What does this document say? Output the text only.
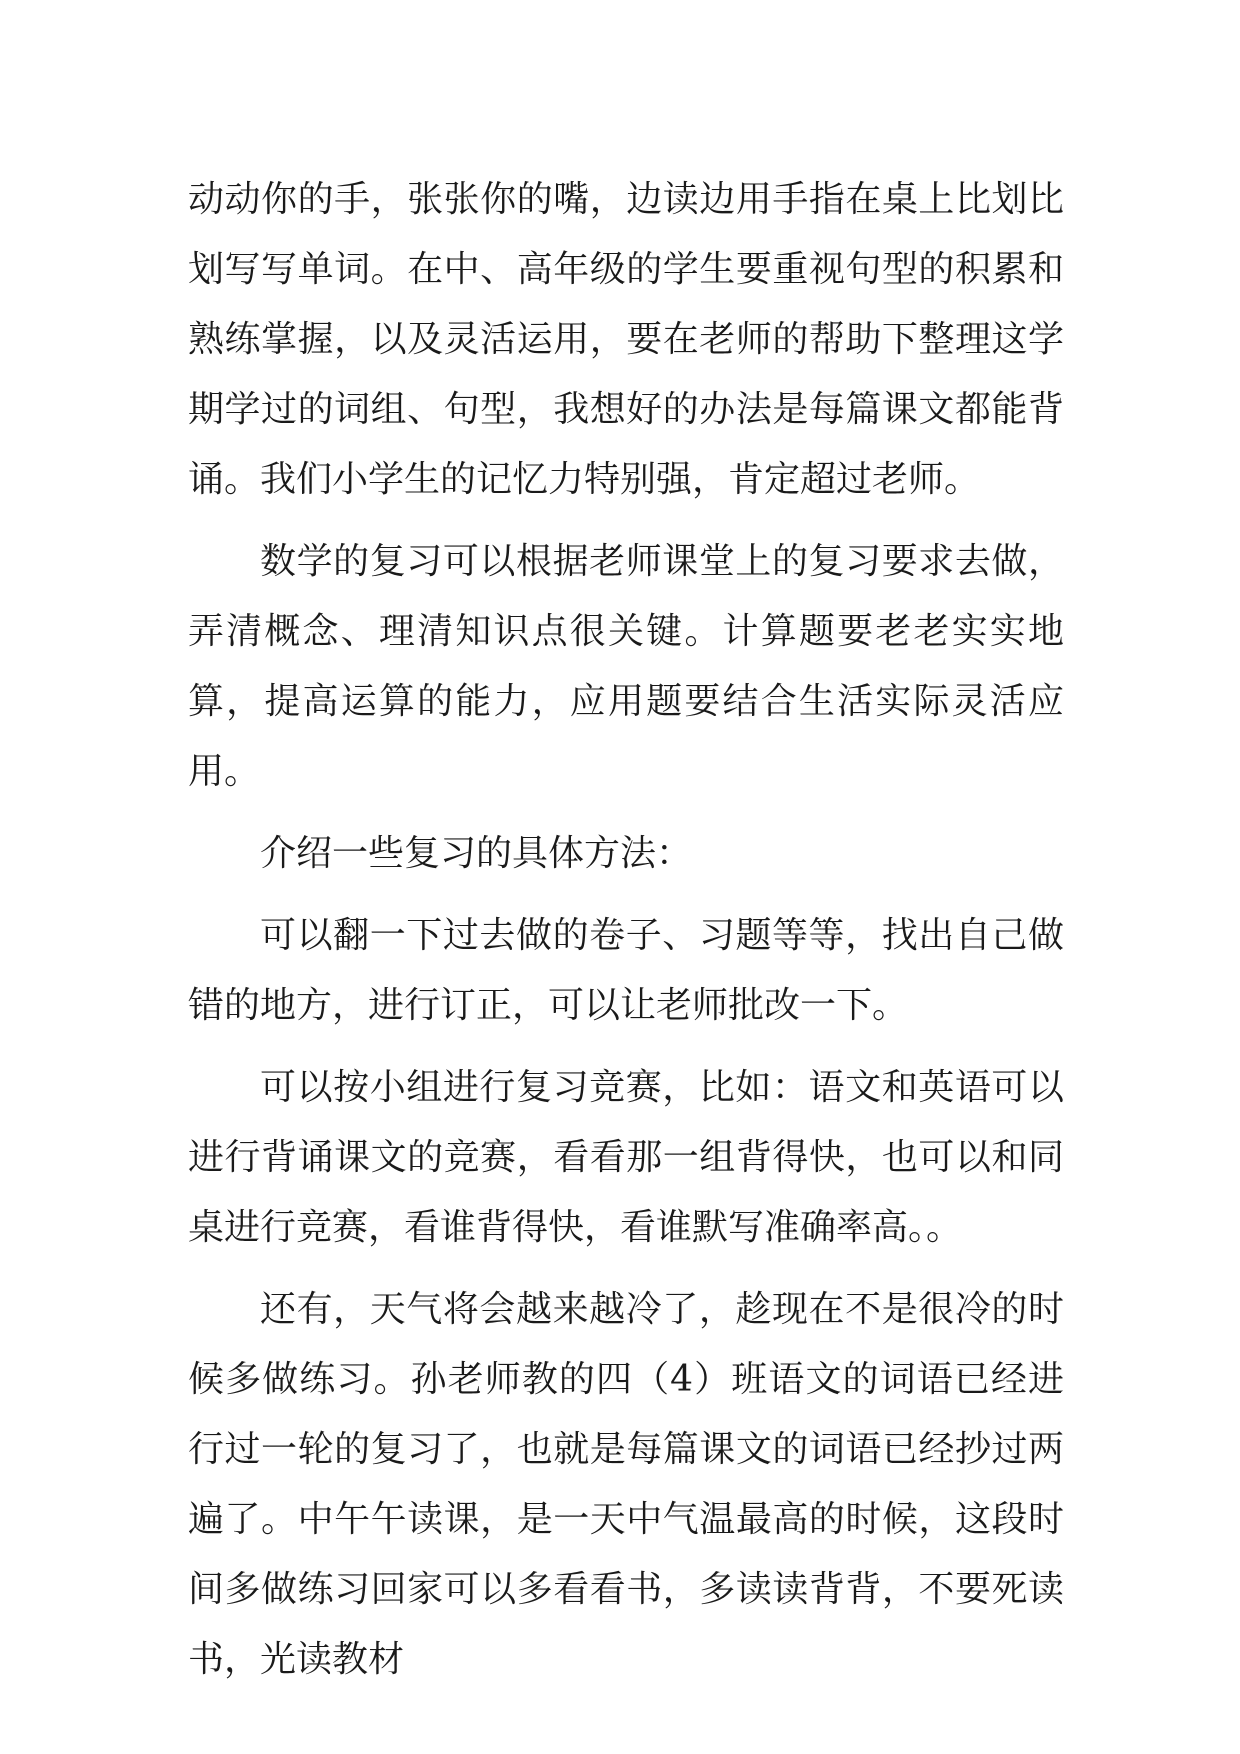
动动你的手，张张你的嘴，边读边用手指在桌上比划比划写写单词。在中、高年级的学生要重视句型的积累和熟练掌握，以及灵活运用，要在老师的帮助下整理这学期学过的词组、句型，我想好的办法是每篇课文都能背诵。我们小学生的记忆力特别强，肯定超过老师。

数学的复习可以根据老师课堂上的复习要求去做，弄清概念、理清知识点很关键。计算题要老老实实地算，提高运算的能力，应用题要结合生活实际灵活应用。

介绍一些复习的具体方法：

可以翻一下过去做的卷子、习题等等，找出自己做错的地方，进行订正，可以让老师批改一下。

可以按小组进行复习竞赛，比如：语文和英语可以进行背诵课文的竞赛，看看那一组背得快，也可以和同桌进行竞赛，看谁背得快，看谁默写准确率高。。

还有，天气将会越来越冷了，趁现在不是很冷的时候多做练习。孙老师教的四（4）班语文的词语已经进行过一轮的复习了，也就是每篇课文的词语已经抄过两遍了。中午午读课，是一天中气温最高的时候，这段时间多做练习回家可以多看看书，多读读背背，不要死读书，光读教材
